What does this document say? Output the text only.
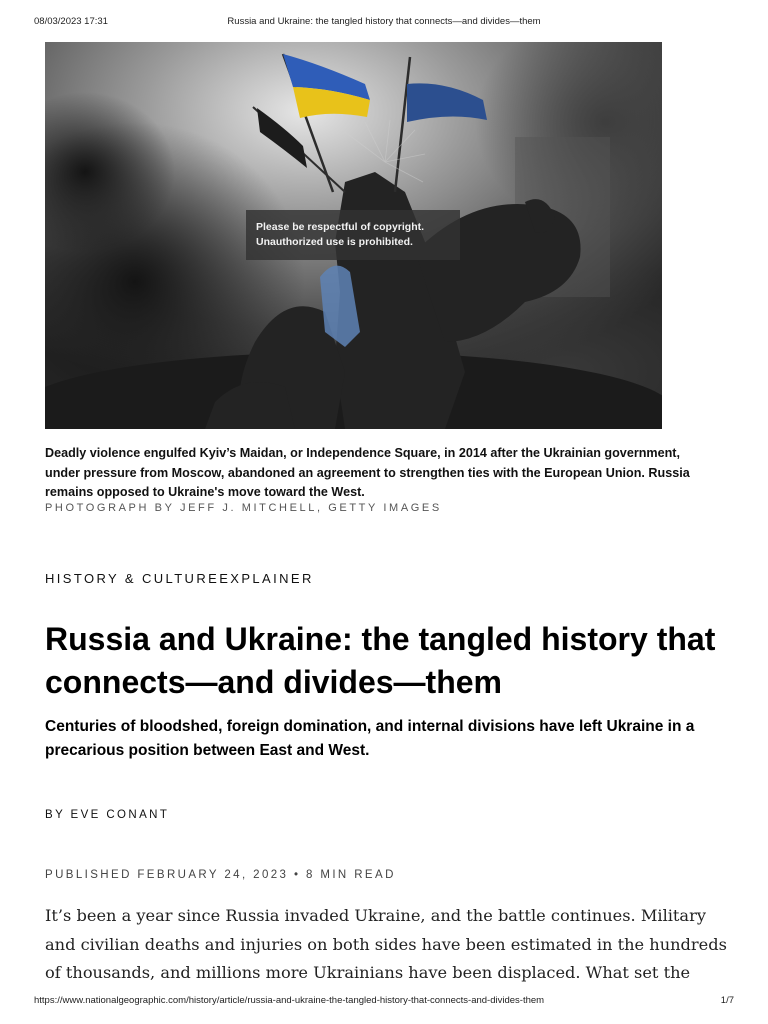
08/03/2023 17:31	Russia and Ukraine: the tangled history that connects—and divides—them
Please be respectful of copyright.
Unauthorized use is prohibited.

Deadly violence engulfed Kyiv’s Maidan, or Independence Square, in 2014 after the Ukrainian government, under pressure from Moscow, abandoned an agreement to strengthen ties with the European Union. Russia remains opposed to Ukraine's move toward the West.

PHOTOGRAPH BY JEFF J. MITCHELL, GETTY IMAGES
HISTORY & CULTUREEXPLAINER
Russia and Ukraine: the tangled history that connects—and divides—them

Centuries of bloodshed, foreign domination, and internal divisions have left Ukraine in a precarious position between East and West.

BY EVE CONANT
PUBLISHED FEBRUARY 24, 2023 • 8 MIN READ

It’s been a year since Russia invaded Ukraine, and the battle continues. Military and civilian deaths and injuries on both sides have been estimated in the hundreds of thousands, and millions more Ukrainians have been displaced. What set the

https://www.nationalgeographic.com/history/article/russia-and-ukraine-the-tangled-history-that-connects-and-divides-them	1/7
